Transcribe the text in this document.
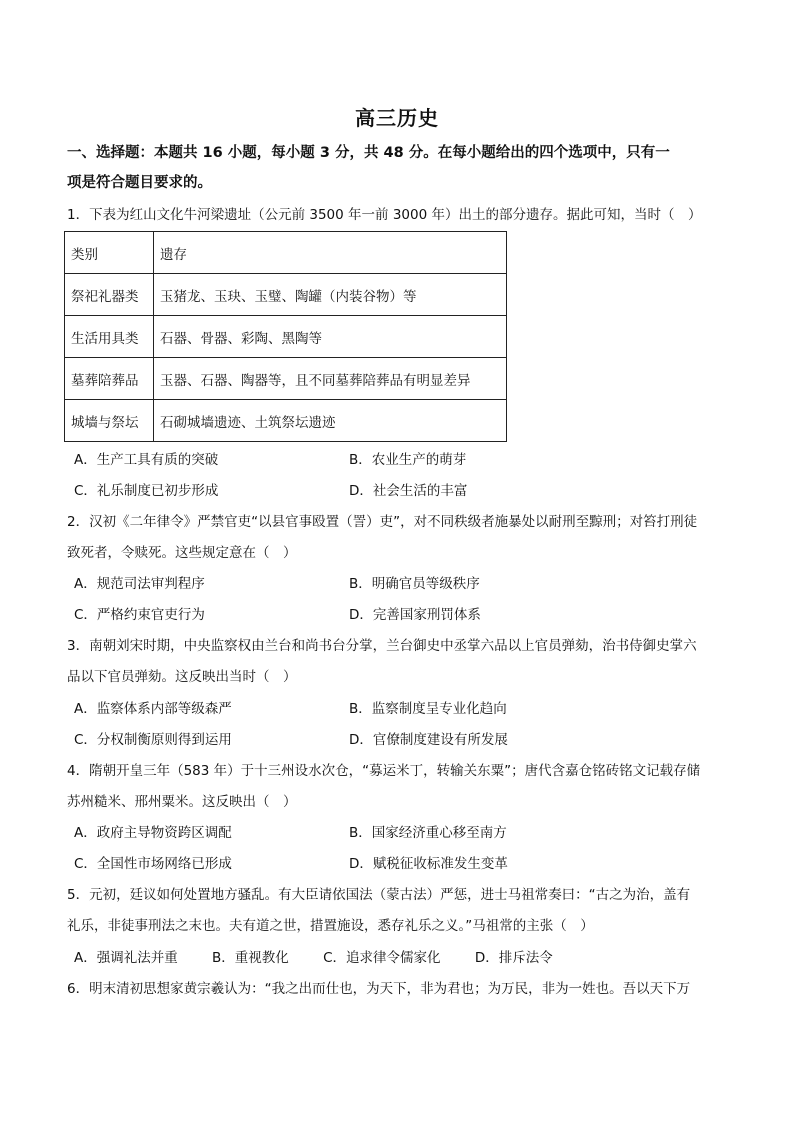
高三历史
一、选择题：本题共 16 小题，每小题 3 分，共 48 分。在每小题给出的四个选项中，只有一
项是符合题目要求的。
1．下表为红山文化牛河梁遗址（公元前 3500 年一前 3000 年）出土的部分遗存。据此可知，当时（　）
类别	遗存
祭祀礼器类	玉猪龙、玉玦、玉璧、陶罐（内装谷物）等
生活用具类	石器、骨器、彩陶、黑陶等
墓葬陪葬品	玉器、石器、陶器等，且不同墓葬陪葬品有明显差异
城墙与祭坛	石砌城墙遗迹、土筑祭坛遗迹
A．生产工具有质的突破	B．农业生产的萌芽
C．礼乐制度已初步形成	D．社会生活的丰富
2．汉初《二年律令》严禁官吏“以县官事殴置（詈）吏”，对不同秩级者施暴处以耐刑至黥刑；对笞打刑徒
致死者，令赎死。这些规定意在（　）
A．规范司法审判程序	B．明确官员等级秩序
C．严格约束官吏行为	D．完善国家刑罚体系
3．南朝刘宋时期，中央监察权由兰台和尚书台分掌，兰台御史中丞掌六品以上官员弹劾，治书侍御史掌六
品以下官员弹劾。这反映出当时（　）
A．监察体系内部等级森严	B．监察制度呈专业化趋向
C．分权制衡原则得到运用	D．官僚制度建设有所发展
4．隋朝开皇三年（583 年）于十三州设水次仓，“募运米丁，转输关东粟”；唐代含嘉仓铭砖铭文记载存储
苏州糙米、邢州粟米。这反映出（　）
A．政府主导物资跨区调配	B．国家经济重心移至南方
C．全国性市场网络已形成	D．赋税征收标准发生变革
5．元初，廷议如何处置地方骚乱。有大臣请依国法（蒙古法）严惩，进士马祖常奏曰：“古之为治，盖有
礼乐，非徒事刑法之末也。夫有道之世，措置施设，悉存礼乐之义。”马祖常的主张（　）
A．强调礼法并重	B．重视教化	C．追求律令儒家化	D．排斥法令
6．明末清初思想家黄宗羲认为：“我之出而仕也，为天下，非为君也；为万民，非为一姓也。吾以天下万
